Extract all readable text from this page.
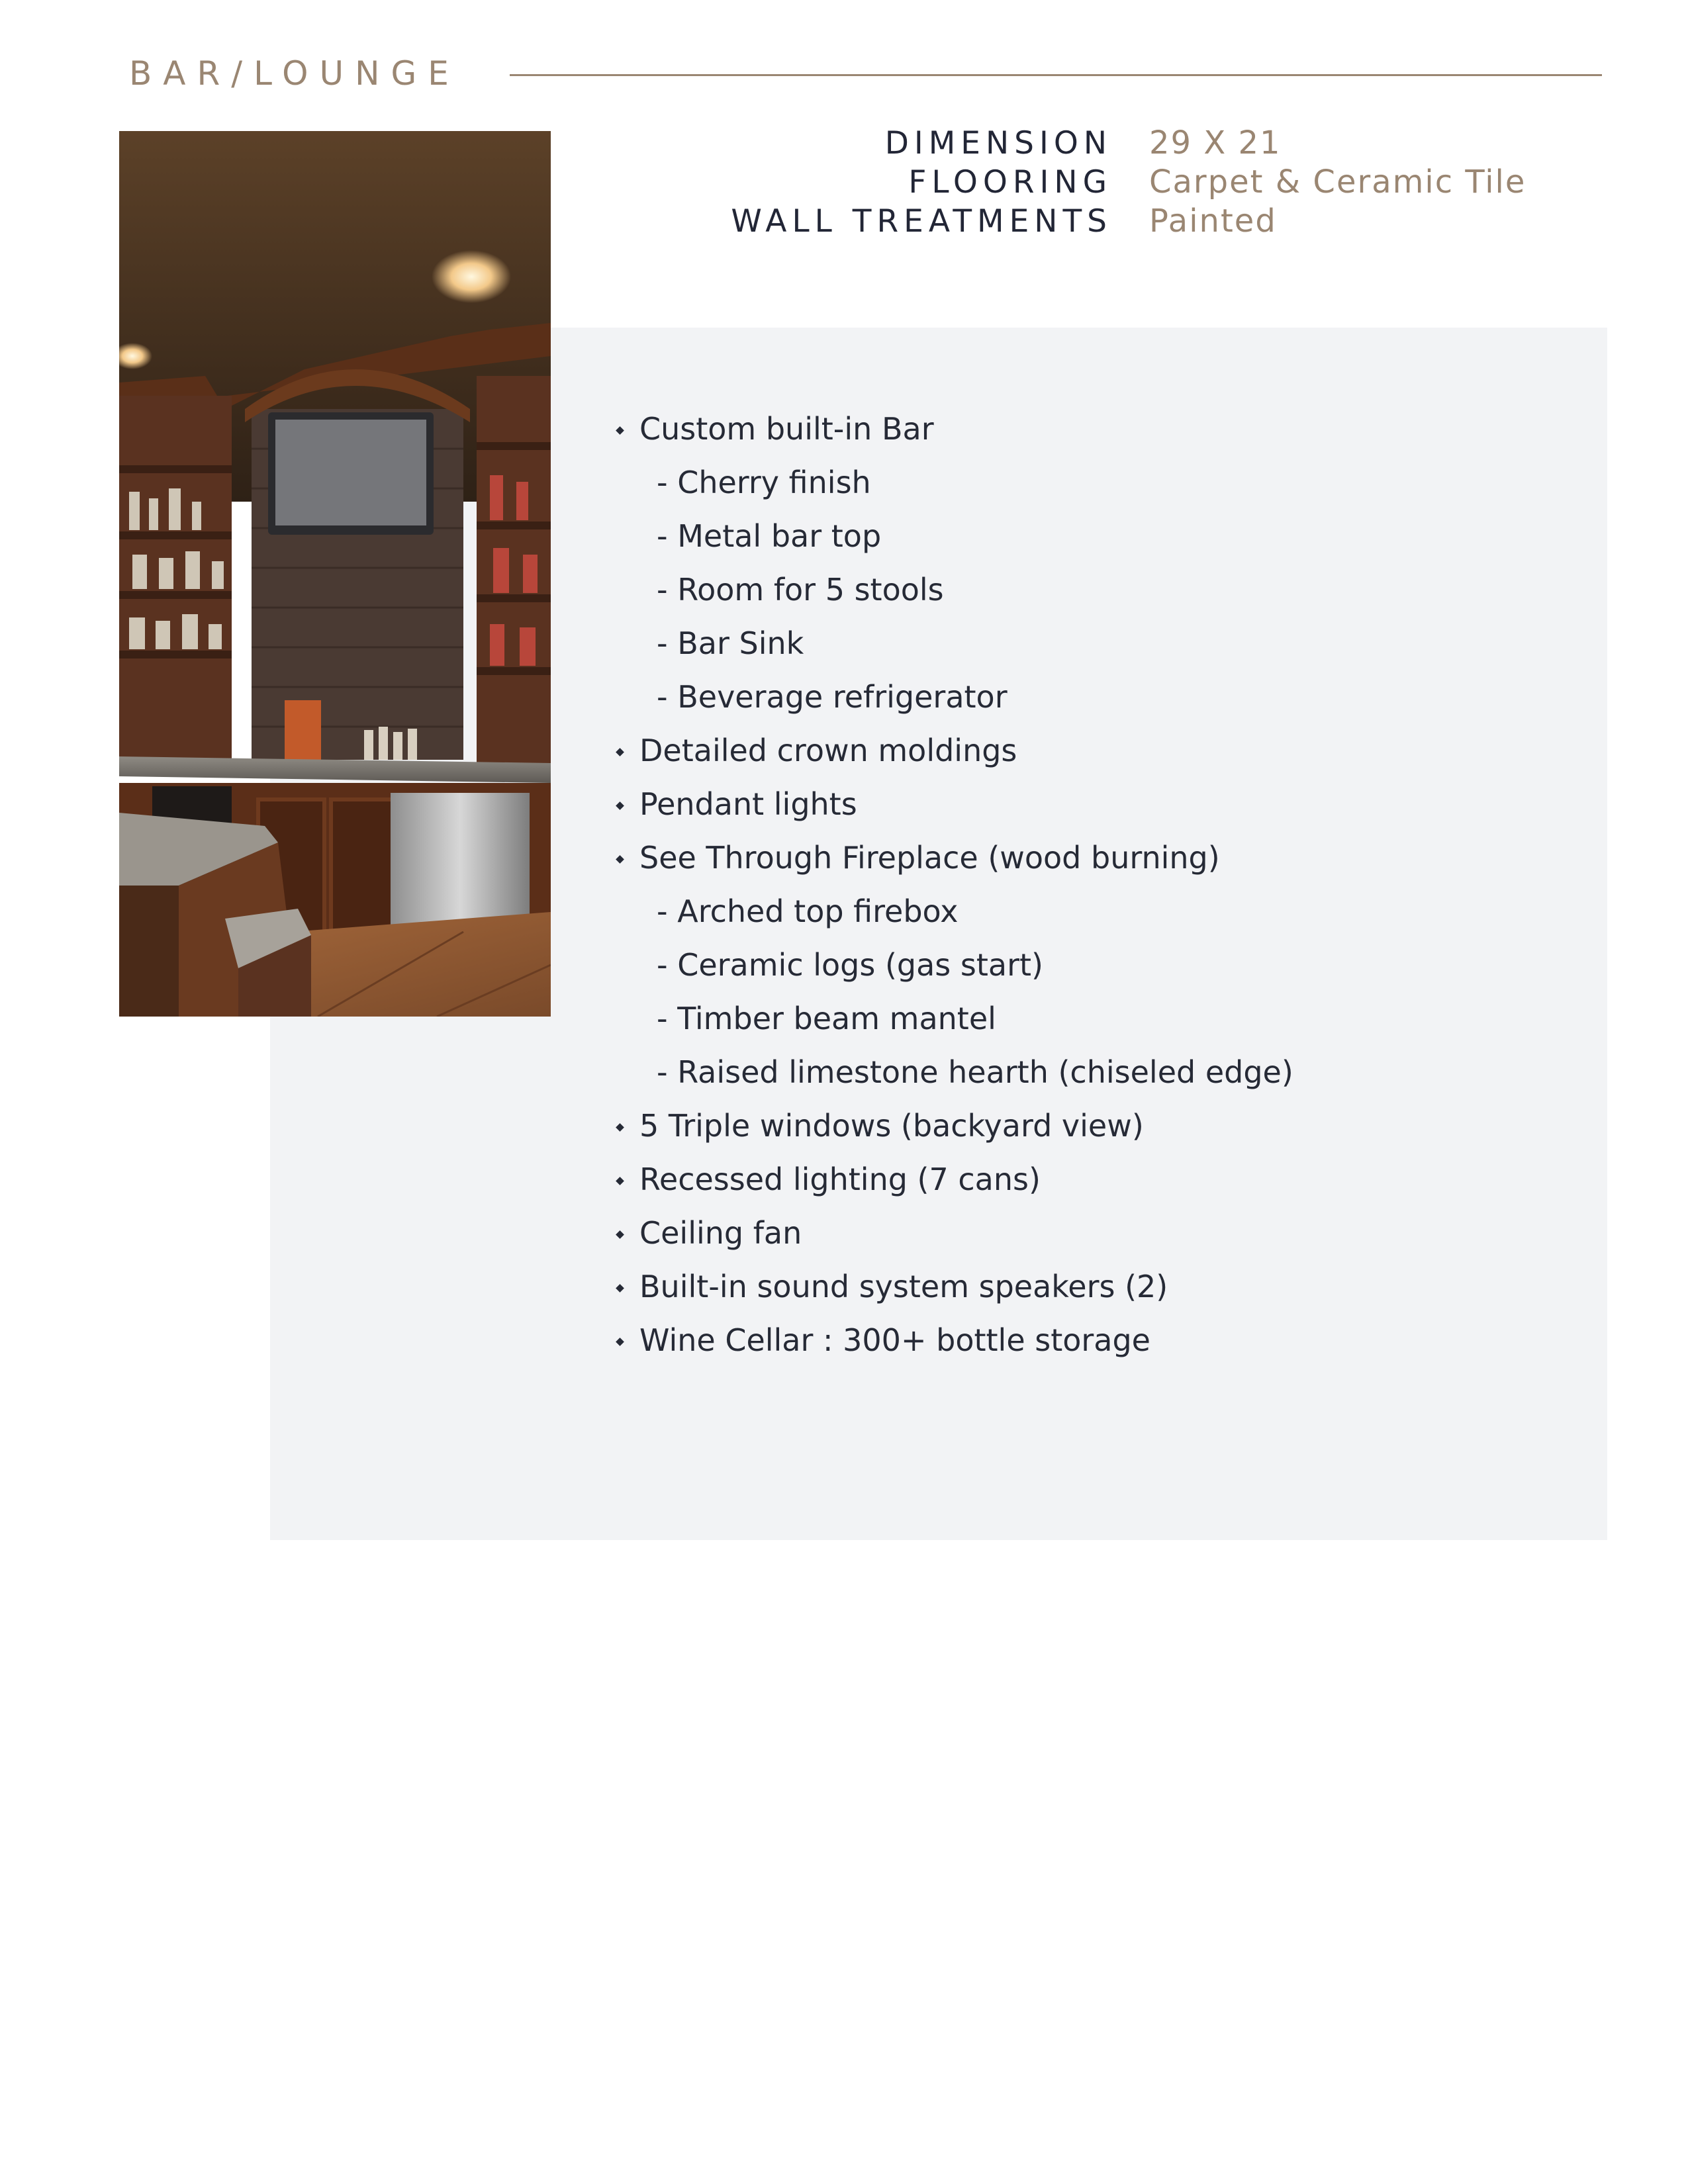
BAR/LOUNGE
DIMENSION 29 X 21
FLOORING Carpet & Ceramic Tile
WALL TREATMENTS Painted
Custom built-in Bar
- Cherry finish
- Metal bar top
- Room for 5 stools
- Bar Sink
- Beverage refrigerator
Detailed crown moldings
Pendant lights
See Through Fireplace (wood burning)
- Arched top firebox
- Ceramic logs (gas start)
- Timber beam mantel
- Raised limestone hearth (chiseled edge)
5 Triple windows (backyard view)
Recessed lighting (7 cans)
Ceiling fan
Built-in sound system speakers (2)
Wine Cellar : 300+ bottle storage
